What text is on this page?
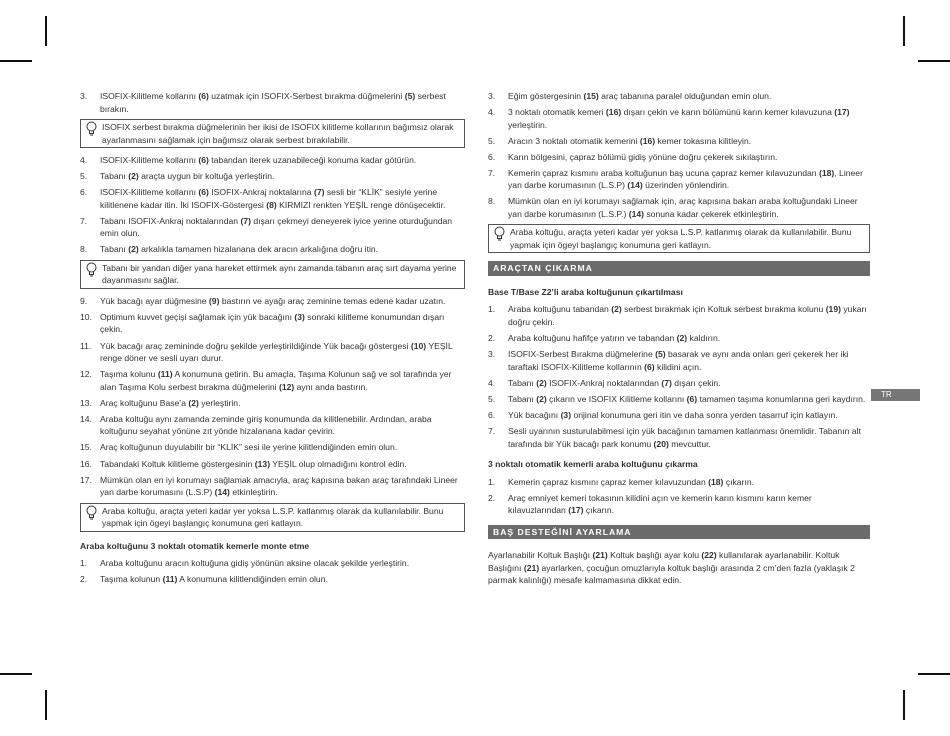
3.	ISOFIX-Kilitleme kollarını (6) uzatmak için ISOFIX-Serbest bırakma düğmelerini (5) serbest bırakın.
ISOFIX serbest bırakma düğmelerinin her ikisi de ISOFIX kilitleme kollarının bağımsız olarak ayarlanmasını sağlamak için bağımsız olarak serbest bırakılabilir.
4.	ISOFIX-Kilitleme kollarını (6) tabandan iterek uzanabileceği konuma kadar götürün.
5.	Tabanı (2) araçta uygun bir koltuğa yerleştirin.
6.	ISOFIX-Kilitleme kollarını (6) ISOFIX-Ankraj noktalarına (7) sesli bir “KLİK” sesiyle yerine kilitlenene kadar itin. İki ISOFIX-Göstergesi (8) KIRMIZI renkten YEŞİL renge dönüşecektir.
7.	Tabanı ISOFIX-Ankraj noktalarından (7) dışarı çekmeyi deneyerek iyice yerine oturduğundan emin olun.
8.	Tabanı (2) arkalıkla tamamen hizalanana dek aracın arkalığına doğru itin.
Tabanı bir yandan diğer yana hareket ettirmek aynı zamanda tabanın araç sırt dayama yerine dayanmasını sağlar.
9.	Yük bacağı ayar düğmesine (9) bastırın ve ayağı araç zeminine temas edene kadar uzatın.
10. Optimum kuvvet geçişi sağlamak için yük bacağını (3) sonraki kilitleme konumundan dışarı çekin.
11.	Yük bacağı araç zemininde doğru şekilde yerleştirildiğinde Yük bacağı göstergesi (10) YEŞİL renge döner ve sesli uyarı durur.
12. Taşıma kolunu (11) A konumuna getirin. Bu amaçla, Taşıma Kolunun sağ ve sol tarafında yer alan Taşıma Kolu serbest bırakma düğmelerini (12) aynı anda bastırın.
13. Araç koltuğunu Base’a (2) yerleştirin.
14. Araba koltuğu aynı zamanda zeminde giriş konumunda da kilitlenebilir. Ardından, araba koltuğunu seyahat yönüne zıt yönde hizalanana kadar çevirin.
15. Araç koltuğunun duyulabilir bir “KLİK” sesi ile yerine kilitlendiğinden emin olun.
16. Tabandaki Koltuk kilitleme göstergesinin (13) YEŞİL olup olmadığını kontrol edin.
17. Mümkün olan en iyi korumayı sağlamak amacıyla, araç kapısına bakan araç tarafındaki Lineer yan darbe korumasını (L.S.P) (14) etkinleştirin.
Araba koltuğu, araçta yeteri kadar yer yoksa L.S.P. katlanmış olarak da kullanılabilir. Bunu yapmak için ögeyi başlangıç konumuna geri katlayın.
Araba koltuğunu 3 noktalı otomatik kemerle monte etme
1.	Araba koltuğunu aracın koltuğuna gidiş yönünün aksine olacak şekilde yerleştirin.
2.	Taşıma kolunun (11) A konumuna kilitlendiğinden emin olun.
3.	Eğim göstergesinin (15) araç tabanına paralel olduğundan emin olun.
4.	3 noktalı otomatik kemeri (16) dışarı çekin ve karın bölümünü karın kemer kılavuzuna (17) yerleştirin.
5.	Aracın 3 noktalı otomatik kemerini (16) kemer tokasına kilitleyin.
6.	Karın bölgesini, çapraz bölümü gidiş yönüne doğru çekerek sıkılaştırın.
7.	Kemerin çapraz kısmını araba koltuğunun baş ucuna çapraz kemer kılavuzundan (18), Lineer yan darbe korumasının (L.S.P) (14) üzerinden yönlendirin.
8.	Mümkün olan en iyi korumayı sağlamak için, araç kapısına bakan araba koltuğundaki Lineer yan darbe korumasının (L.S.P.) (14) sonuna kadar çekerek etkinleştirin.
Araba koltuğu, araçta yeteri kadar yer yoksa L.S.P. katlanmış olarak da kullanılabilir. Bunu yapmak için ögeyi başlangıç konumuna geri katlayın.
ARAÇTAN ÇIKARMA
Base T/Base Z2’li araba koltuğunun çıkartılması
1.	Araba koltuğunu tabandan (2) serbest bırakmak için Koltuk serbest bırakma kolunu (19) yukarı doğru çekin.
2.	Araba koltuğunu hafifçe yatırın ve tabandan (2) kaldırın.
3.	ISOFIX-Serbest Bırakma düğmelerine (5) basarak ve aynı anda onları geri çekerek her iki taraftaki ISOFIX-Kilitleme kollarının (6) kilidini açın.
4.	Tabanı (2) ISOFIX-Ankraj noktalarından (7) dışarı çekin.
5.	Tabanı (2) çıkarın ve ISOFIX Kilitleme kollarını (6) tamamen taşıma konumlarına geri kaydırın.
6.	Yük bacağını (3) orijinal konumuna geri itin ve daha sonra yerden tasarruf için katlayın.
7.	Sesli uyarının susturulabilmesi için yük bacağının tamamen katlanması önemlidir. Tabanın alt tarafında bir Yük bacağı park konumu (20) mevcuttur.
3 noktalı otomatik kemerli araba koltuğunu çıkarma
1.	Kemerin çapraz kısmını çapraz kemer kılavuzundan (18) çıkarın.
2.	Araç emniyet kemeri tokasının kilidini açın ve kemerin karın kısmını karın kemer kılavuzlarından (17) çıkarın.
BAŞ DESTEĞİNİ AYARLAMA

Ayarlanabilir Koltuk Başlığı (21) Koltuk başlığı ayar kolu (22) kullanılarak ayarlanabilir. Koltuk Başlığını (21) ayarlarken, çocuğun omuzlarıyla koltuk başlığı arasında 2 cm’den fazla (yaklaşık 2 parmak kalınlığı) mesafe kalmamasına dikkat edin.

TR
